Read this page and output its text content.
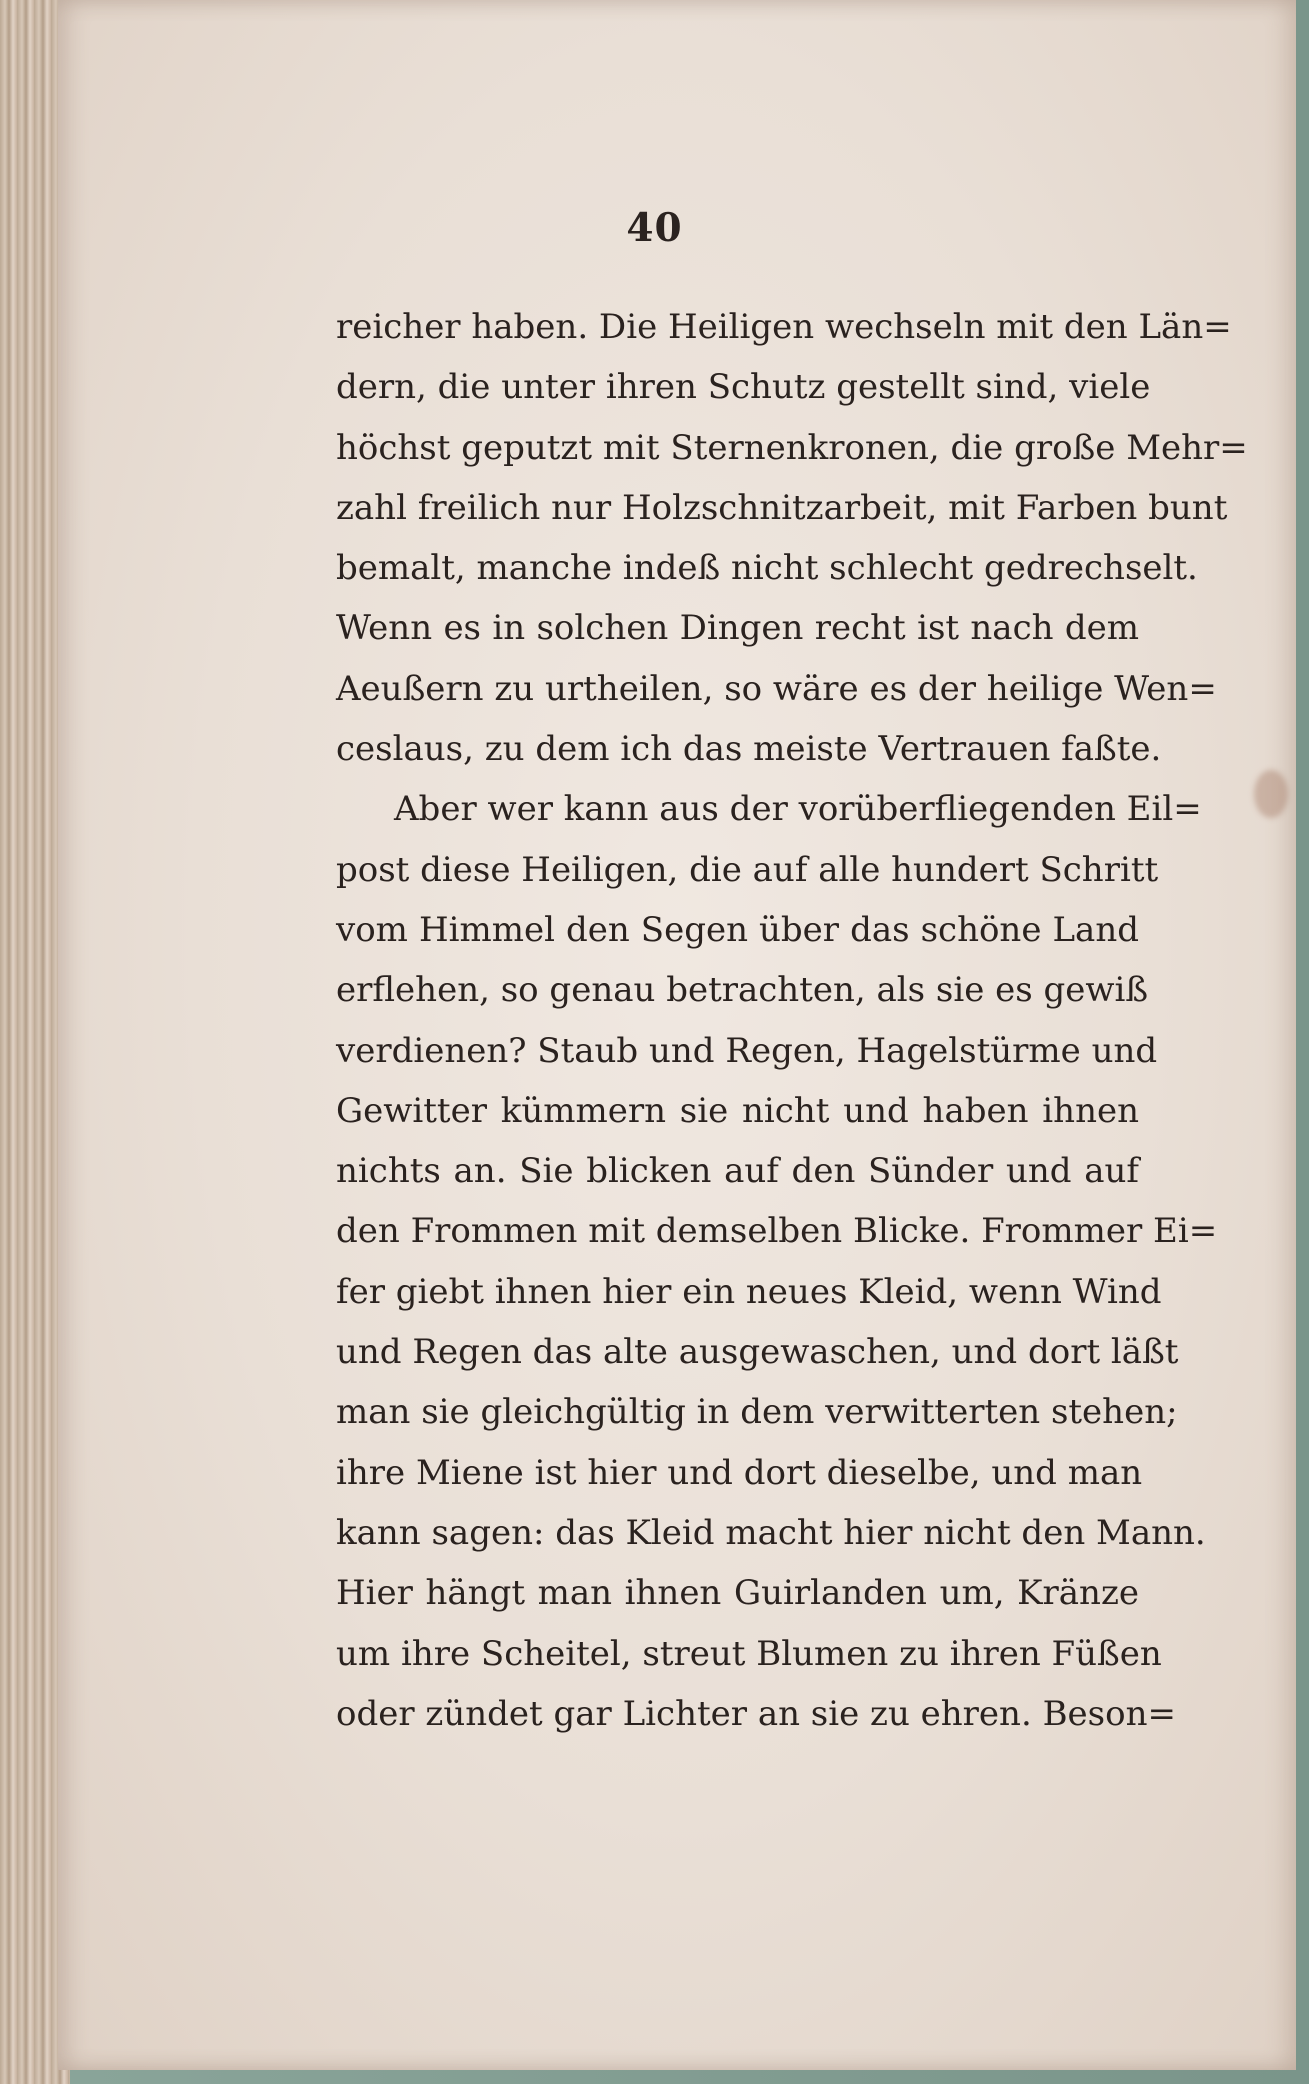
40
reicher haben. Die Heiligen wechseln mit den Län=
dern, die unter ihren Schutz gestellt sind, viele
höchst geputzt mit Sternenkronen, die große Mehr=
zahl freilich nur Holzschnitzarbeit, mit Farben bunt
bemalt, manche indeß nicht schlecht gedrechselt.
Wenn es in solchen Dingen recht ist nach dem
Aeußern zu urtheilen, so wäre es der heilige Wen=
ceslaus, zu dem ich das meiste Vertrauen faßte.
Aber wer kann aus der vorüberfliegenden Eil=
post diese Heiligen, die auf alle hundert Schritt
vom Himmel den Segen über das schöne Land
erflehen, so genau betrachten, als sie es gewiß
verdienen? Staub und Regen, Hagelstürme und
Gewitter kümmern sie nicht und haben ihnen
nichts an. Sie blicken auf den Sünder und auf
den Frommen mit demselben Blicke. Frommer Ei=
fer giebt ihnen hier ein neues Kleid, wenn Wind
und Regen das alte ausgewaschen, und dort läßt
man sie gleichgültig in dem verwitterten stehen;
ihre Miene ist hier und dort dieselbe, und man
kann sagen: das Kleid macht hier nicht den Mann.
Hier hängt man ihnen Guirlanden um, Kränze
um ihre Scheitel, streut Blumen zu ihren Füßen
oder zündet gar Lichter an sie zu ehren. Beson=
